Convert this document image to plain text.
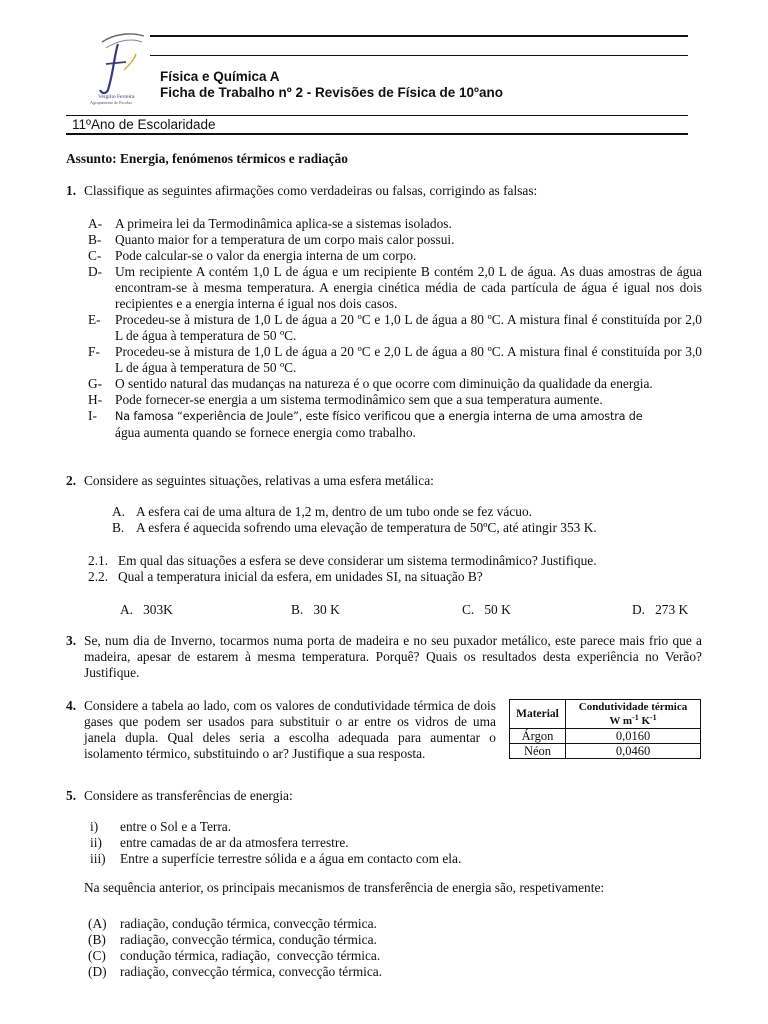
Vergílio Ferreira
Agrupamento de Escolas
Física e Química A
Ficha de Trabalho nº 2 - Revisões de Física de 10ºano
11ºAno de Escolaridade
Assunto: Energia, fenómenos térmicos e radiação
1. Classifique as seguintes afirmações como verdadeiras ou falsas, corrigindo as falsas:
A- A primeira lei da Termodinâmica aplica-se a sistemas isolados.
B- Quanto maior for a temperatura de um corpo mais calor possui.
C- Pode calcular-se o valor da energia interna de um corpo.
D- Um recipiente A contém 1,0 L de água e um recipiente B contém 2,0 L de água. As duas amostras de água encontram-se à mesma temperatura. A energia cinética média de cada partícula de água é igual nos dois recipientes e a energia interna é igual nos dois casos.
E- Procedeu-se à mistura de 1,0 L de água a 20 ºC e 1,0 L de água a 80 ºC. A mistura final é constituída por 2,0 L de água à temperatura de 50 ºC.
F- Procedeu-se à mistura de 1,0 L de água a 20 ºC e 2,0 L de água a 80 ºC. A mistura final é constituída por 3,0 L de água à temperatura de 50 ºC.
G- O sentido natural das mudanças na natureza é o que ocorre com diminuição da qualidade da energia.
H- Pode fornecer-se energia a um sistema termodinâmico sem que a sua temperatura aumente.
I- Na famosa “experiência de Joule”, este físico verificou que a energia interna de uma amostra de
água aumenta quando se fornece energia como trabalho.
2. Considere as seguintes situações, relativas a uma esfera metálica:
A. A esfera cai de uma altura de 1,2 m, dentro de um tubo onde se fez vácuo.
B. A esfera é aquecida sofrendo uma elevação de temperatura de 50ºC, até atingir 353 K.
2.1. Em qual das situações a esfera se deve considerar um sistema termodinâmico? Justifique.
2.2. Qual a temperatura inicial da esfera, em unidades SI, na situação B?
A. 303K	B. 30 K	C. 50 K	D. 273 K
3. Se, num dia de Inverno, tocarmos numa porta de madeira e no seu puxador metálico, este parece mais frio que a madeira, apesar de estarem à mesma temperatura. Porquê? Quais os resultados desta experiência no Verão? Justifique.
4. Considere a tabela ao lado, com os valores de condutividade térmica de dois gases que podem ser usados para substituir o ar entre os vidros de uma janela dupla. Qual deles seria a escolha adequada para aumentar o isolamento térmico, substituindo o ar? Justifique a sua resposta.
Material	Condutividade térmica
W $m^{-1}$ $K^{-1}$
Árgon	0,0160
Néon	0,0460
5. Considere as transferências de energia:
i) entre o Sol e a Terra.
ii) entre camadas de ar da atmosfera terrestre.
iii) Entre a superfície terrestre sólida e a água em contacto com ela.
Na sequência anterior, os principais mecanismos de transferência de energia são, respetivamente:
(A) radiação, condução térmica, convecção térmica.
(B) radiação, convecção térmica, condução térmica.
(C) condução térmica, radiação,  convecção térmica.
(D) radiação, convecção térmica, convecção térmica.
